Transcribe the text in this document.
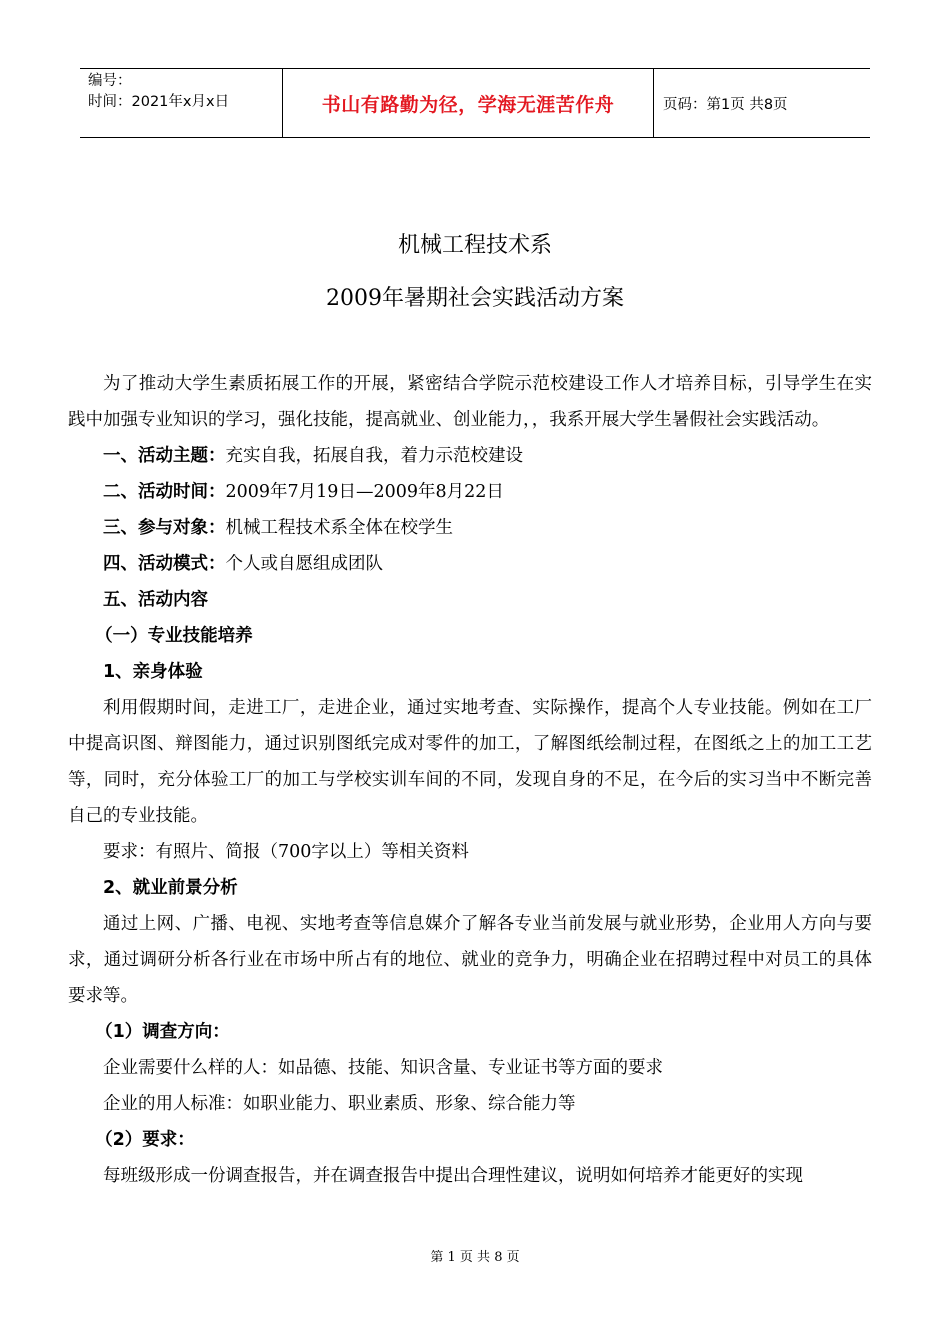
编号：
时间：2021年x月x日	书山有路勤为径，学海无涯苦作舟	页码：第1页 共8页
机械工程技术系
2009年暑期社会实践活动方案

为了推动大学生素质拓展工作的开展，紧密结合学院示范校建设工作人才培养目标，引导学生在实践中加强专业知识的学习，强化技能，提高就业、创业能力，，我系开展大学生暑假社会实践活动。

一、活动主题：充实自我，拓展自我，着力示范校建设

二、活动时间：2009年7月19日—2009年8月22日

三、参与对象：机械工程技术系全体在校学生

四、活动模式：个人或自愿组成团队

五、活动内容

（一）专业技能培养

1、亲身体验

利用假期时间，走进工厂，走进企业，通过实地考查、实际操作，提高个人专业技能。例如在工厂中提高识图、辩图能力，通过识别图纸完成对零件的加工，了解图纸绘制过程，在图纸之上的加工工艺等，同时，充分体验工厂的加工与学校实训车间的不同，发现自身的不足，在今后的实习当中不断完善自己的专业技能。

要求：有照片、简报（700字以上）等相关资料

2、就业前景分析

通过上网、广播、电视、实地考查等信息媒介了解各专业当前发展与就业形势，企业用人方向与要求，通过调研分析各行业在市场中所占有的地位、就业的竞争力，明确企业在招聘过程中对员工的具体要求等。

（1）调查方向：

企业需要什么样的人：如品德、技能、知识含量、专业证书等方面的要求

企业的用人标准：如职业能力、职业素质、形象、综合能力等

（2）要求：

每班级形成一份调查报告，并在调查报告中提出合理性建议，说明如何培养才能更好的实现

第 1 页 共 8 页
